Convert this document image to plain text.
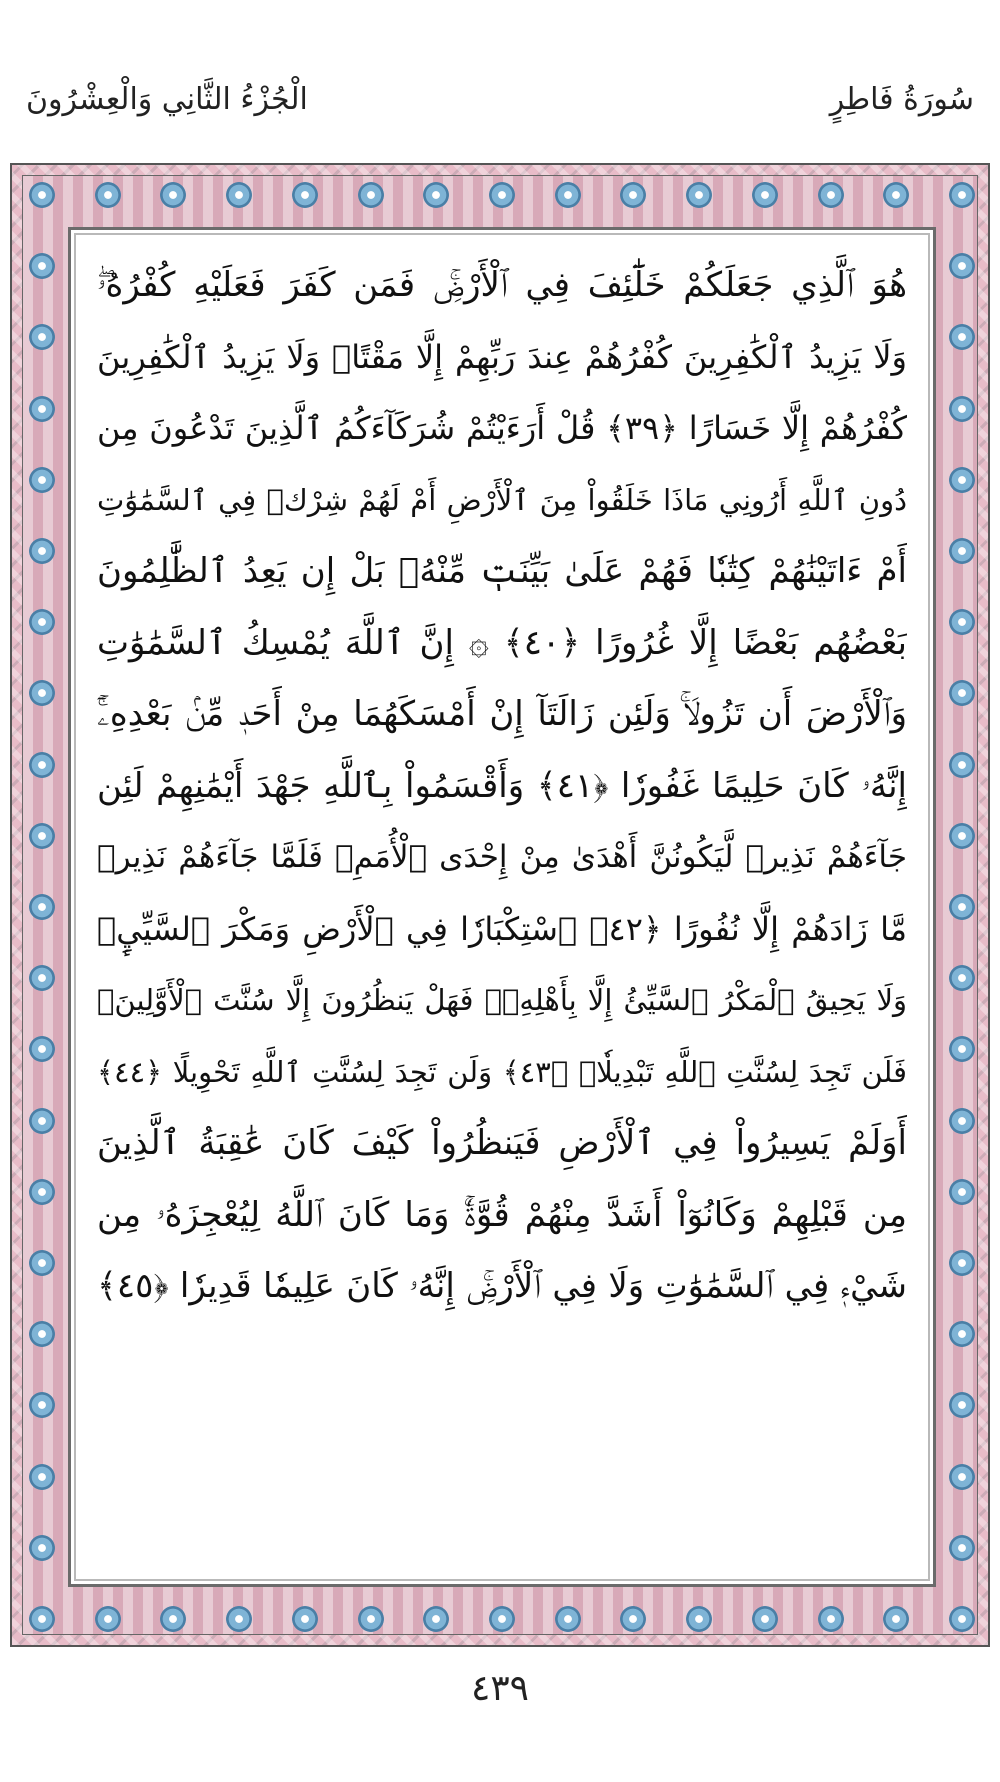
الْجُزْءُ الثَّانِي وَالْعِشْرُونَ	سُورَةُ فَاطِرٍ
هُوَ ٱلَّذِي جَعَلَكُمْ خَلَٰٓئِفَ فِي ٱلْأَرْضِۚ فَمَن كَفَرَ فَعَلَيْهِ كُفْرُهُۥۖ
وَلَا يَزِيدُ ٱلْكَٰفِرِينَ كُفْرُهُمْ عِندَ رَبِّهِمْ إِلَّا مَقْتًاۖ وَلَا يَزِيدُ ٱلْكَٰفِرِينَ
كُفْرُهُمْ إِلَّا خَسَارًا ﴿٣٩﴾ قُلْ أَرَءَيْتُمْ شُرَكَآءَكُمُ ٱلَّذِينَ تَدْعُونَ مِن
دُونِ ٱللَّهِ أَرُونِي مَاذَا خَلَقُواْ مِنَ ٱلْأَرْضِ أَمْ لَهُمْ شِرْكٞ فِي ٱلسَّمَٰوَٰتِ
أَمْ ءَاتَيْنَٰهُمْ كِتَٰبٗا فَهُمْ عَلَىٰ بَيِّنَتٖ مِّنْهُۚ بَلْ إِن يَعِدُ ٱلظَّٰلِمُونَ
بَعْضُهُم بَعْضًا إِلَّا غُرُورًا ﴿٤٠﴾ ۞ إِنَّ ٱللَّهَ يُمْسِكُ ٱلسَّمَٰوَٰتِ
وَٱلْأَرْضَ أَن تَزُولَاۚ وَلَئِن زَالَتَآ إِنْ أَمْسَكَهُمَا مِنْ أَحَدٖ مِّنۢ بَعْدِهِۦٓۚ
إِنَّهُۥ كَانَ حَلِيمًا غَفُورٗا ﴿٤١﴾ وَأَقْسَمُواْ بِٱللَّهِ جَهْدَ أَيْمَٰنِهِمْ لَئِن
جَآءَهُمْ نَذِيرٞ لَّيَكُونُنَّ أَهْدَىٰ مِنْ إِحْدَى ٱلْأُمَمِۖ فَلَمَّا جَآءَهُمْ نَذِيرٞ
مَّا زَادَهُمْ إِلَّا نُفُورًا ﴿٤٢﴾ ٱسْتِكْبَارٗا فِي ٱلْأَرْضِ وَمَكْرَ ٱلسَّيِّيِٕۚ
وَلَا يَحِيقُ ٱلْمَكْرُ ٱلسَّيِّئُ إِلَّا بِأَهْلِهِۦۚ فَهَلْ يَنظُرُونَ إِلَّا سُنَّتَ ٱلْأَوَّلِينَۚ
فَلَن تَجِدَ لِسُنَّتِ ٱللَّهِ تَبْدِيلٗاۖ ﴿٤٣﴾ وَلَن تَجِدَ لِسُنَّتِ ٱللَّهِ تَحْوِيلًا ﴿٤٤﴾
أَوَلَمْ يَسِيرُواْ فِي ٱلْأَرْضِ فَيَنظُرُواْ كَيْفَ كَانَ عَٰقِبَةُ ٱلَّذِينَ
مِن قَبْلِهِمْ وَكَانُوٓاْ أَشَدَّ مِنْهُمْ قُوَّةٗۚ وَمَا كَانَ ٱللَّهُ لِيُعْجِزَهُۥ مِن
شَيْءٖ فِي ٱلسَّمَٰوَٰتِ وَلَا فِي ٱلْأَرْضِۚ إِنَّهُۥ كَانَ عَلِيمٗا قَدِيرٗا ﴿٤٥﴾
٤٣٩
